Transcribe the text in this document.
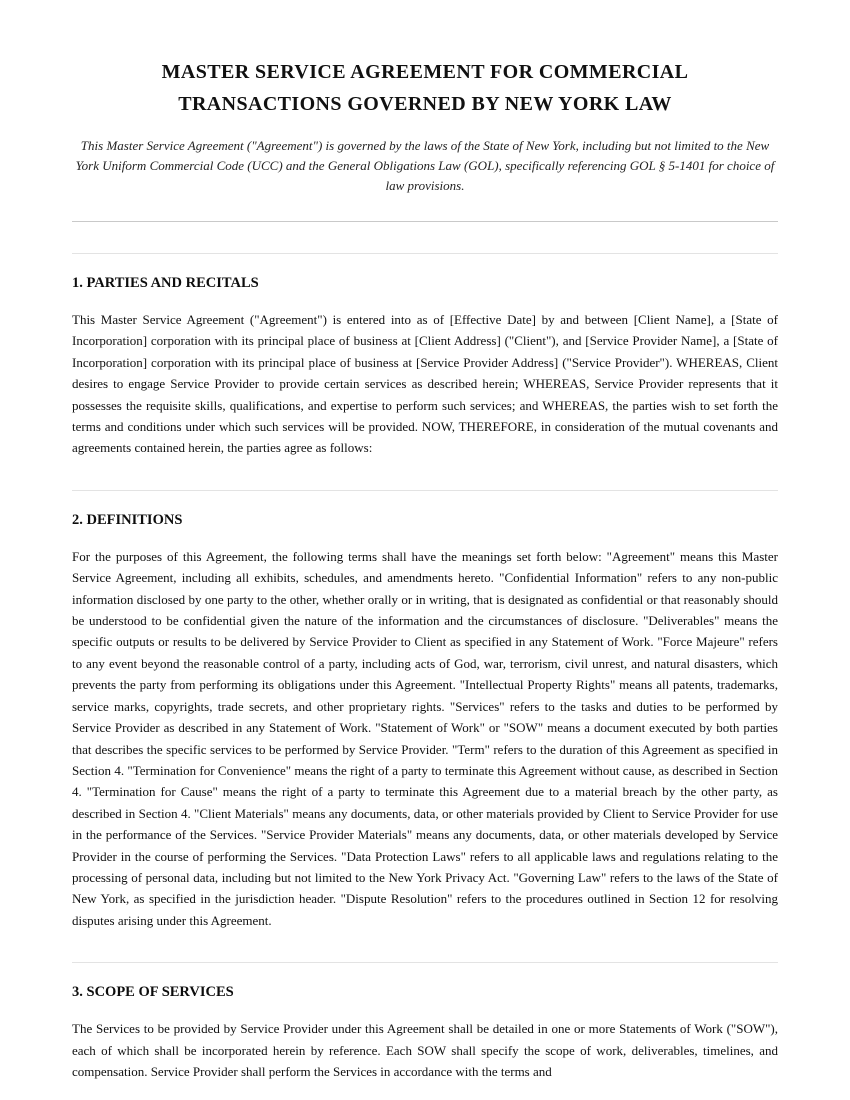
MASTER SERVICE AGREEMENT FOR COMMERCIAL TRANSACTIONS GOVERNED BY NEW YORK LAW

This Master Service Agreement ("Agreement") is governed by the laws of the State of New York, including but not limited to the New York Uniform Commercial Code (UCC) and the General Obligations Law (GOL), specifically referencing GOL § 5-1401 for choice of law provisions.

1. PARTIES AND RECITALS

This Master Service Agreement ("Agreement") is entered into as of [Effective Date] by and between [Client Name], a [State of Incorporation] corporation with its principal place of business at [Client Address] ("Client"), and [Service Provider Name], a [State of Incorporation] corporation with its principal place of business at [Service Provider Address] ("Service Provider"). WHEREAS, Client desires to engage Service Provider to provide certain services as described herein; WHEREAS, Service Provider represents that it possesses the requisite skills, qualifications, and expertise to perform such services; and WHEREAS, the parties wish to set forth the terms and conditions under which such services will be provided. NOW, THEREFORE, in consideration of the mutual covenants and agreements contained herein, the parties agree as follows:

2. DEFINITIONS

For the purposes of this Agreement, the following terms shall have the meanings set forth below: "Agreement" means this Master Service Agreement, including all exhibits, schedules, and amendments hereto. "Confidential Information" refers to any non-public information disclosed by one party to the other, whether orally or in writing, that is designated as confidential or that reasonably should be understood to be confidential given the nature of the information and the circumstances of disclosure. "Deliverables" means the specific outputs or results to be delivered by Service Provider to Client as specified in any Statement of Work. "Force Majeure" refers to any event beyond the reasonable control of a party, including acts of God, war, terrorism, civil unrest, and natural disasters, which prevents the party from performing its obligations under this Agreement. "Intellectual Property Rights" means all patents, trademarks, service marks, copyrights, trade secrets, and other proprietary rights. "Services" refers to the tasks and duties to be performed by Service Provider as described in any Statement of Work. "Statement of Work" or "SOW" means a document executed by both parties that describes the specific services to be performed by Service Provider. "Term" refers to the duration of this Agreement as specified in Section 4. "Termination for Convenience" means the right of a party to terminate this Agreement without cause, as described in Section 4. "Termination for Cause" means the right of a party to terminate this Agreement due to a material breach by the other party, as described in Section 4. "Client Materials" means any documents, data, or other materials provided by Client to Service Provider for use in the performance of the Services. "Service Provider Materials" means any documents, data, or other materials developed by Service Provider in the course of performing the Services. "Data Protection Laws" refers to all applicable laws and regulations relating to the processing of personal data, including but not limited to the New York Privacy Act. "Governing Law" refers to the laws of the State of New York, as specified in the jurisdiction header. "Dispute Resolution" refers to the procedures outlined in Section 12 for resolving disputes arising under this Agreement.

3. SCOPE OF SERVICES

The Services to be provided by Service Provider under this Agreement shall be detailed in one or more Statements of Work ("SOW"), each of which shall be incorporated herein by reference. Each SOW shall specify the scope of work, deliverables, timelines, and compensation. Service Provider shall perform the Services in accordance with the terms and
